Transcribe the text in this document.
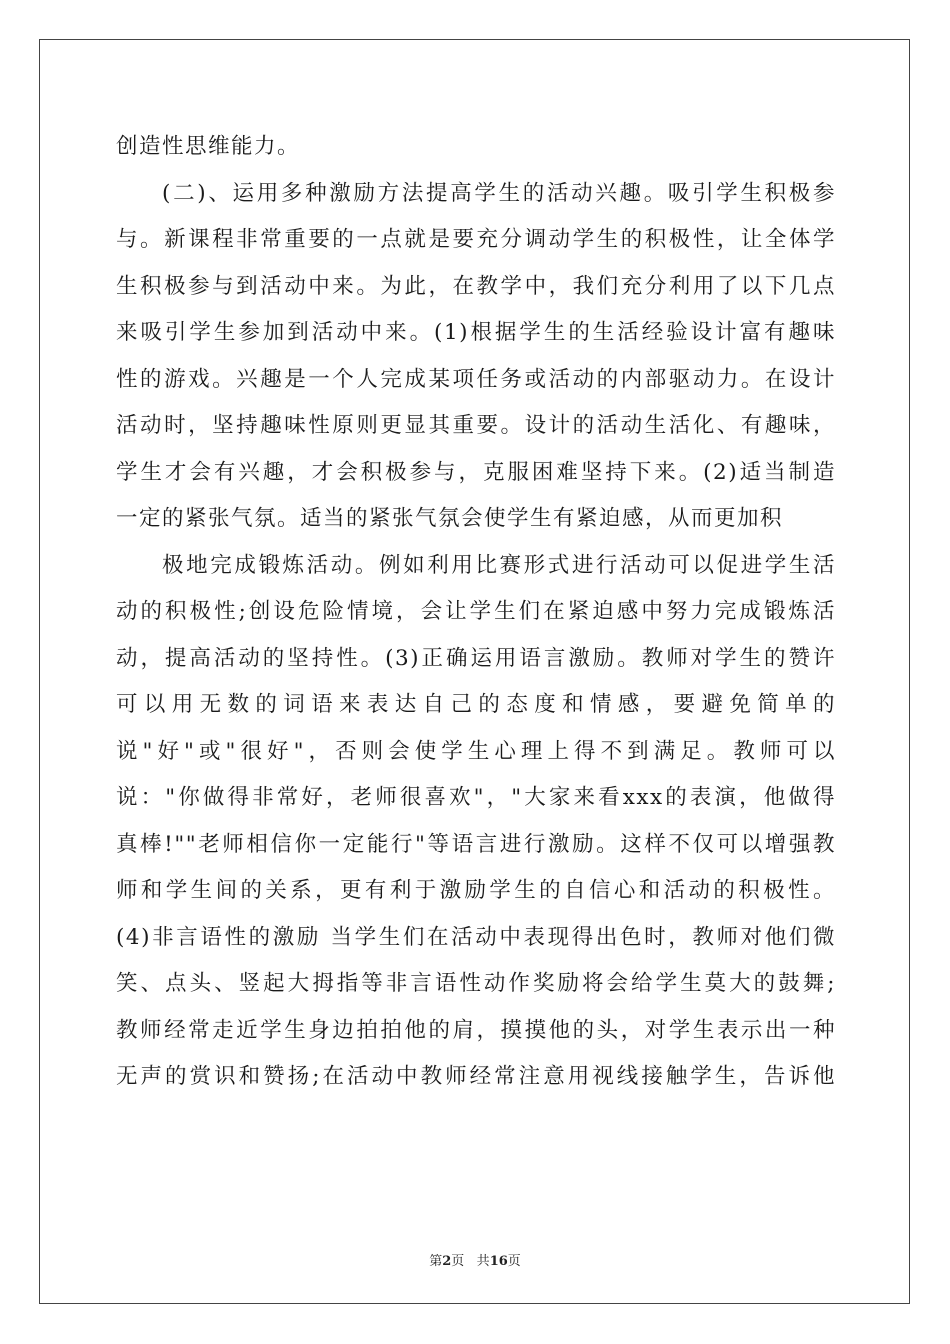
创造性思维能力。
(二)、运用多种激励方法提高学生的活动兴趣。吸引学生积极参
与。新课程非常重要的一点就是要充分调动学生的积极性，让全体学
生积极参与到活动中来。为此，在教学中，我们充分利用了以下几点
来吸引学生参加到活动中来。(1)根据学生的生活经验设计富有趣味
性的游戏。兴趣是一个人完成某项任务或活动的内部驱动力。在设计
活动时，坚持趣味性原则更显其重要。设计的活动生活化、有趣味，
学生才会有兴趣，才会积极参与，克服困难坚持下来。(2)适当制造
一定的紧张气氛。适当的紧张气氛会使学生有紧迫感，从而更加积
极地完成锻炼活动。例如利用比赛形式进行活动可以促进学生活
动的积极性;创设危险情境，会让学生们在紧迫感中努力完成锻炼活
动，提高活动的坚持性。(3)正确运用语言激励。教师对学生的赞许
可以用无数的词语来表达自己的态度和情感，要避免简单的
说"好"或"很好"，否则会使学生心理上得不到满足。教师可以
说："你做得非常好，老师很喜欢"，"大家来看xxx的表演，他做得
真棒!""老师相信你一定能行"等语言进行激励。这样不仅可以增强教
师和学生间的关系，更有利于激励学生的自信心和活动的积极性。
(4)非言语性的激励 当学生们在活动中表现得出色时，教师对他们微
笑、点头、竖起大拇指等非言语性动作奖励将会给学生莫大的鼓舞;
教师经常走近学生身边拍拍他的肩，摸摸他的头，对学生表示出一种
无声的赏识和赞扬;在活动中教师经常注意用视线接触学生，告诉他
第2页 共16页
